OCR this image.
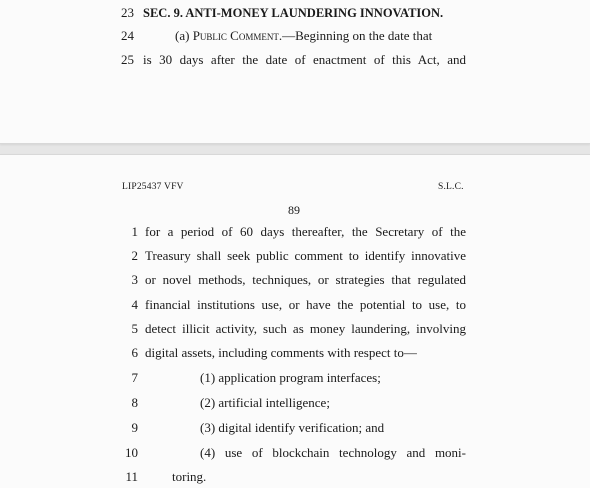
23 SEC. 9. ANTI-MONEY LAUNDERING INNOVATION.
24	(a) Public Comment.—Beginning on the date that
25 is 30 days after the date of enactment of this Act, and
LIP25437 VFV	S.L.C.
89
1 for a period of 60 days thereafter, the Secretary of the
2 Treasury shall seek public comment to identify innovative
3 or novel methods, techniques, or strategies that regulated
4 financial institutions use, or have the potential to use, to
5 detect illicit activity, such as money laundering, involving
6 digital assets, including comments with respect to—
7	(1) application program interfaces;
8	(2) artificial intelligence;
9	(3) digital identify verification; and
10	(4) use of blockchain technology and moni-
11	toring.
